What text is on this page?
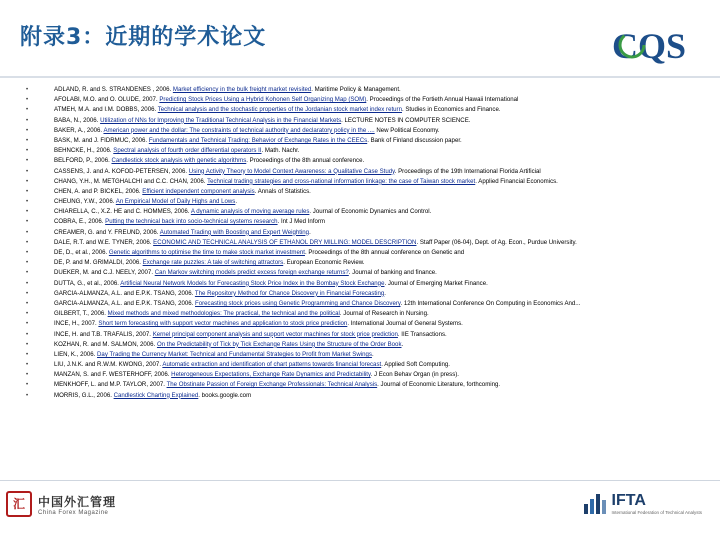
附录3：近期的学术论文	CQS
•	ADLAND, R. and S. STRANDENES , 2006. Market efficiency in the bulk freight market revisited. Maritime Policy & Management.
•	AFOLABI, M.O. and O. OLUDE, 2007. Predicting Stock Prices Using a Hybrid Kohonen Self Organizing Map (SOM). Proceedings of the Fortieth Annual Hawaii International
•	ATMEH, M.A. and I.M. DOBBS, 2006. Technical analysis and the stochastic properties of the Jordanian stock market index return. Studies in Economics and Finance.
•	BABA, N., 2006. Utilization of NNs for Improving the Traditional Technical Analysis in the Financial Markets. LECTURE NOTES IN COMPUTER SCIENCE.
•	BAKER, A., 2006. American power and the dollar: The constraints of technical authority and declaratory policy in the .... New Political Economy.
•	BASK, M. and J. FIDRMUC, 2006. Fundamentals and Technical Trading: Behavior of Exchange Rates in the CEECs. Bank of Finland discussion paper.
•	BEHNCKE, H., 2006. Spectral analysis of fourth order differential operators II. Math. Nachr.
•	BELFORD, P., 2006. Candlestick stock analysis with genetic algorithms. Proceedings of the 8th annual conference.
•	CASSENS, J. and A. KOFOD-PETERSEN, 2006. Using Activity Theory to Model Context Awareness: a Qualitative Case Study. Proceedings of the 19th International Florida Artificial
•	CHANG, Y.H., M. METGHALCHI and C.C. CHAN, 2006. Technical trading strategies and cross-national information linkage: the case of Taiwan stock market. Applied Financial Economics.
•	CHEN, A. and P. BICKEL, 2006. Efficient independent component analysis. Annals of Statistics.
•	CHEUNG, Y.W., 2006. An Empirical Model of Daily Highs and Lows.
•	CHIARELLA, C., X.Z. HE and C. HOMMES, 2006. A dynamic analysis of moving average rules. Journal of Economic Dynamics and Control.
•	COBRA, E., 2006. Putting the technical back into socio-technical systems research. Int J Med Inform
•	CREAMER, G. and Y. FREUND, 2006. Automated Trading with Boosting and Expert Weighting.
•	DALE, R.T. and W.E. TYNER, 2006. ECONOMIC AND TECHNICAL ANALYSIS OF ETHANOL DRY MILLING: MODEL DESCRIPTION. Staff Paper (06-04), Dept. of Ag. Econ., Purdue University.
•	DE, D., et al., 2006. Genetic algorithms to optimise the time to make stock market investment. Proceedings of the 8th annual conference on Genetic and
•	DE, P. and M. GRIMALDI, 2006. Exchange rate puzzles: A tale of switching attractors. European Economic Review.
•	DUEKER, M. and C.J. NEELY, 2007. Can Markov switching models predict excess foreign exchange returns?. Journal of banking and finance.
•	DUTTA, G., et al., 2006. Artificial Neural Network Models for Forecasting Stock Price Index in the Bombay Stock Exchange. Journal of Emerging Market Finance.
•	GARCIA-ALMANZA, A.L. and E.P.K. TSANG, 2006. The Repository Method for Chance Discovery in Financial Forecasting.
•	GARCIA-ALMANZA, A.L. and E.P.K. TSANG, 2006. Forecasting stock prices using Genetic Programming and Chance Discovery. 12th International Conference On Computing in Economics And...
•	GILBERT, T., 2006. Mixed methods and mixed methodologies: The practical, the technical and the political. Journal of Research in Nursing.
•	INCE, H., 2007. Short term forecasting with support vector machines and application to stock price prediction. International Journal of General Systems.
•	INCE, H. and T.B. TRAFALIS, 2007. Kernel principal component analysis and support vector machines for stock price prediction. IIE Transactions.
•	KOZHAN, R. and M. SALMON, 2006. On the Predictability of Tick by Tick Exchange Rates Using the Structure of the Order Book.
•	LIEN, K., 2006. Day Trading the Currency Market: Technical and Fundamental Strategies to Profit from Market Swings.
•	LIU, J.N.K. and R.W.M. KWONG, 2007. Automatic extraction and identification of chart patterns towards financial forecast. Applied Soft Computing.
•	MANZAN, S. and F. WESTERHOFF, 2006. Heterogeneous Expectations, Exchange Rate Dynamics and Predictability. J Econ Behav Organ (in press).
•	MENKHOFF, L. and M.P. TAYLOR, 2007. The Obstinate Passion of Foreign Exchange Professionals: Technical Analysis. Journal of Economic Literature, forthcoming.
•	MORRIS, G.L., 2006. Candlestick Charting Explained. books.google.com
汇	中国外汇管理
China Forex Magazine
IFTA
International Federation of Technical Analysts
